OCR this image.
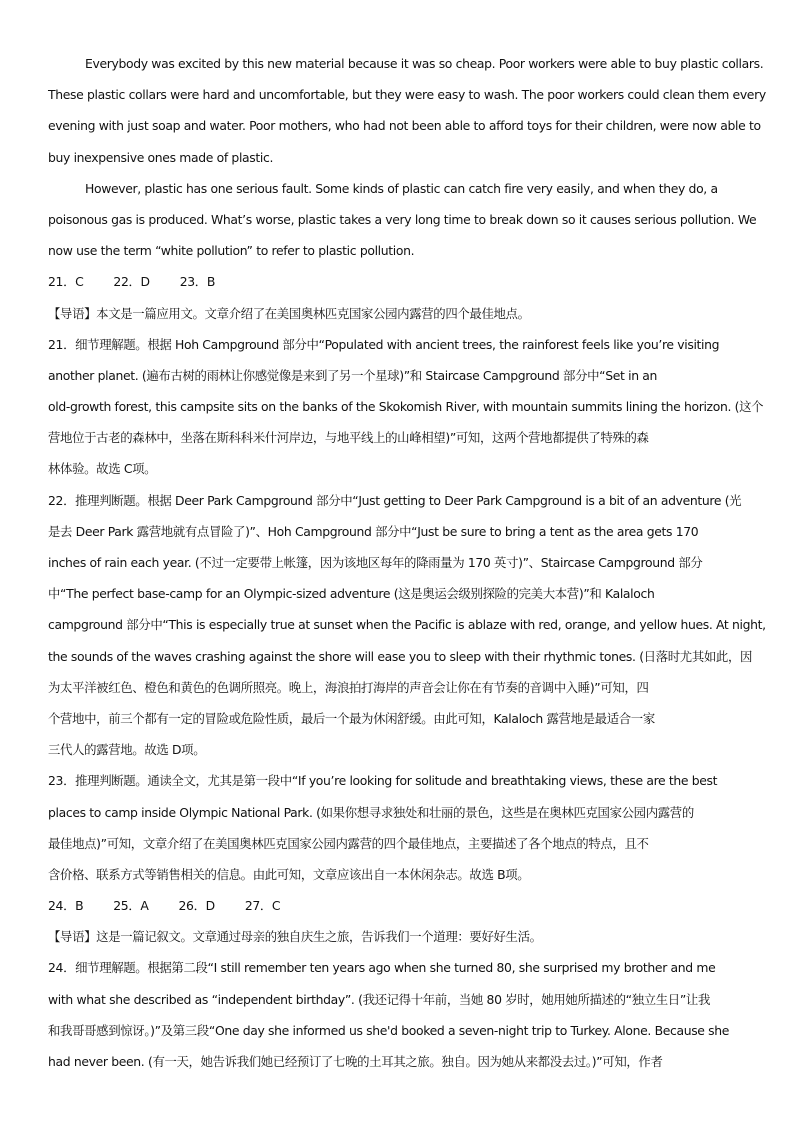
Everybody was excited by this new material because it was so cheap. Poor workers were able to buy plastic collars.
These plastic collars were hard and uncomfortable, but they were easy to wash. The poor workers could clean them every
evening with just soap and water. Poor mothers, who had not been able to afford toys for their children, were now able to
buy inexpensive ones made of plastic.
However, plastic has one serious fault. Some kinds of plastic can catch fire very easily, and when they do, a
poisonous gas is produced. What’s worse, plastic takes a very long time to break down so it causes serious pollution. We
now use the term “white pollution” to refer to plastic pollution.
21．C 22．D 23．B
【导语】本文是一篇应用文。文章介绍了在美国奥林匹克国家公园内露营的四个最佳地点。
21．细节理解题。根据 Hoh Campground 部分中“Populated with ancient trees, the rainforest feels like you’re visiting
another planet. (遍布古树的雨林让你感觉像是来到了另一个星球)”和 Staircase Campground 部分中“Set in an
old-growth forest, this campsite sits on the banks of the Skokomish River, with mountain summits lining the horizon. (这个
营地位于古老的森林中，坐落在斯科科米什河岸边，与地平线上的山峰相望)”可知，这两个营地都提供了特殊的森
林体验。故选 C项。
22．推理判断题。根据 Deer Park Campground 部分中“Just getting to Deer Park Campground is a bit of an adventure (光
是去 Deer Park 露营地就有点冒险了)”、Hoh Campground 部分中“Just be sure to bring a tent as the area gets 170
inches of rain each year. (不过一定要带上帐篷，因为该地区每年的降雨量为 170 英寸)”、Staircase Campground 部分
中“The perfect base-camp for an Olympic-sized adventure (这是奥运会级别探险的完美大本营)”和 Kalaloch
campground 部分中“This is especially true at sunset when the Pacific is ablaze with red, orange, and yellow hues. At night,
the sounds of the waves crashing against the shore will ease you to sleep with their rhythmic tones. (日落时尤其如此，因
为太平洋被红色、橙色和黄色的色调所照亮。晚上，海浪拍打海岸的声音会让你在有节奏的音调中入睡)”可知，四
个营地中，前三个都有一定的冒险或危险性质，最后一个最为休闲舒缓。由此可知，Kalaloch 露营地是最适合一家
三代人的露营地。故选 D项。
23．推理判断题。通读全文，尤其是第一段中“If you’re looking for solitude and breathtaking views, these are the best
places to camp inside Olympic National Park. (如果你想寻求独处和壮丽的景色，这些是在奥林匹克国家公园内露营的
最佳地点)”可知，文章介绍了在美国奥林匹克国家公园内露营的四个最佳地点，主要描述了各个地点的特点，且不
含价格、联系方式等销售相关的信息。由此可知，文章应该出自一本休闲杂志。故选 B项。
24．B 25．A 26．D 27．C
【导语】这是一篇记叙文。文章通过母亲的独自庆生之旅，告诉我们一个道理：要好好生活。
24．细节理解题。根据第二段“I still remember ten years ago when she turned 80, she surprised my brother and me
with what she described as “independent birthday”. (我还记得十年前，当她 80 岁时，她用她所描述的“独立生日”让我
和我哥哥感到惊讶。)”及第三段“One day she informed us she'd booked a seven-night trip to Turkey. Alone. Because she
had never been. (有一天，她告诉我们她已经预订了七晚的土耳其之旅。独自。因为她从来都没去过。)”可知，作者
